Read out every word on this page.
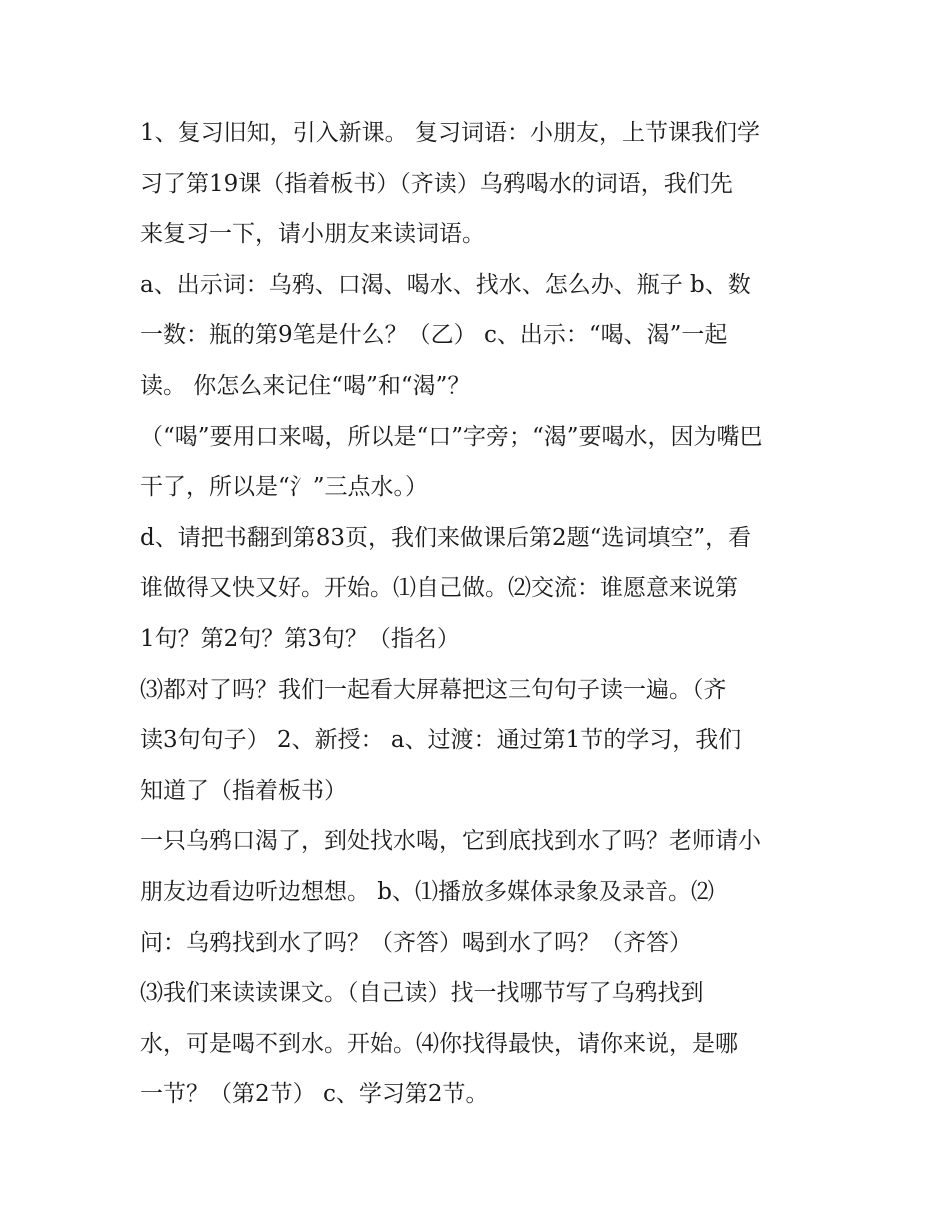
1、复习旧知，引入新课。 复习词语：小朋友，上节课我们学
习了第19课（指着板书）（齐读）乌鸦喝水的词语，我们先
来复习一下，请小朋友来读词语。
a、出示词：乌鸦、口渴、喝水、找水、怎么办、瓶子 b、数
一数：瓶的第9笔是什么？（乙） c、出示：“喝、渴”一起
读。 你怎么来记住“喝”和“渴”？
（“喝”要用口来喝，所以是“口”字旁；“渴”要喝水，因为嘴巴
干了，所以是“氵”三点水。）
d、请把书翻到第83页，我们来做课后第2题“选词填空”，看
谁做得又快又好。开始。⑴自己做。⑵交流：谁愿意来说第
1句？第2句？第3句？（指名）
⑶都对了吗？我们一起看大屏幕把这三句句子读一遍。（齐
读3句句子） 2、新授： a、过渡：通过第1节的学习，我们
知道了（指着板书）
一只乌鸦口渴了，到处找水喝，它到底找到水了吗？老师请小
朋友边看边听边想想。 b、⑴播放多媒体录象及录音。⑵
问：乌鸦找到水了吗？（齐答）喝到水了吗？（齐答）
⑶我们来读读课文。（自己读）找一找哪节写了乌鸦找到
水，可是喝不到水。开始。⑷你找得最快，请你来说，是哪
一节？（第2节） c、学习第2节。
